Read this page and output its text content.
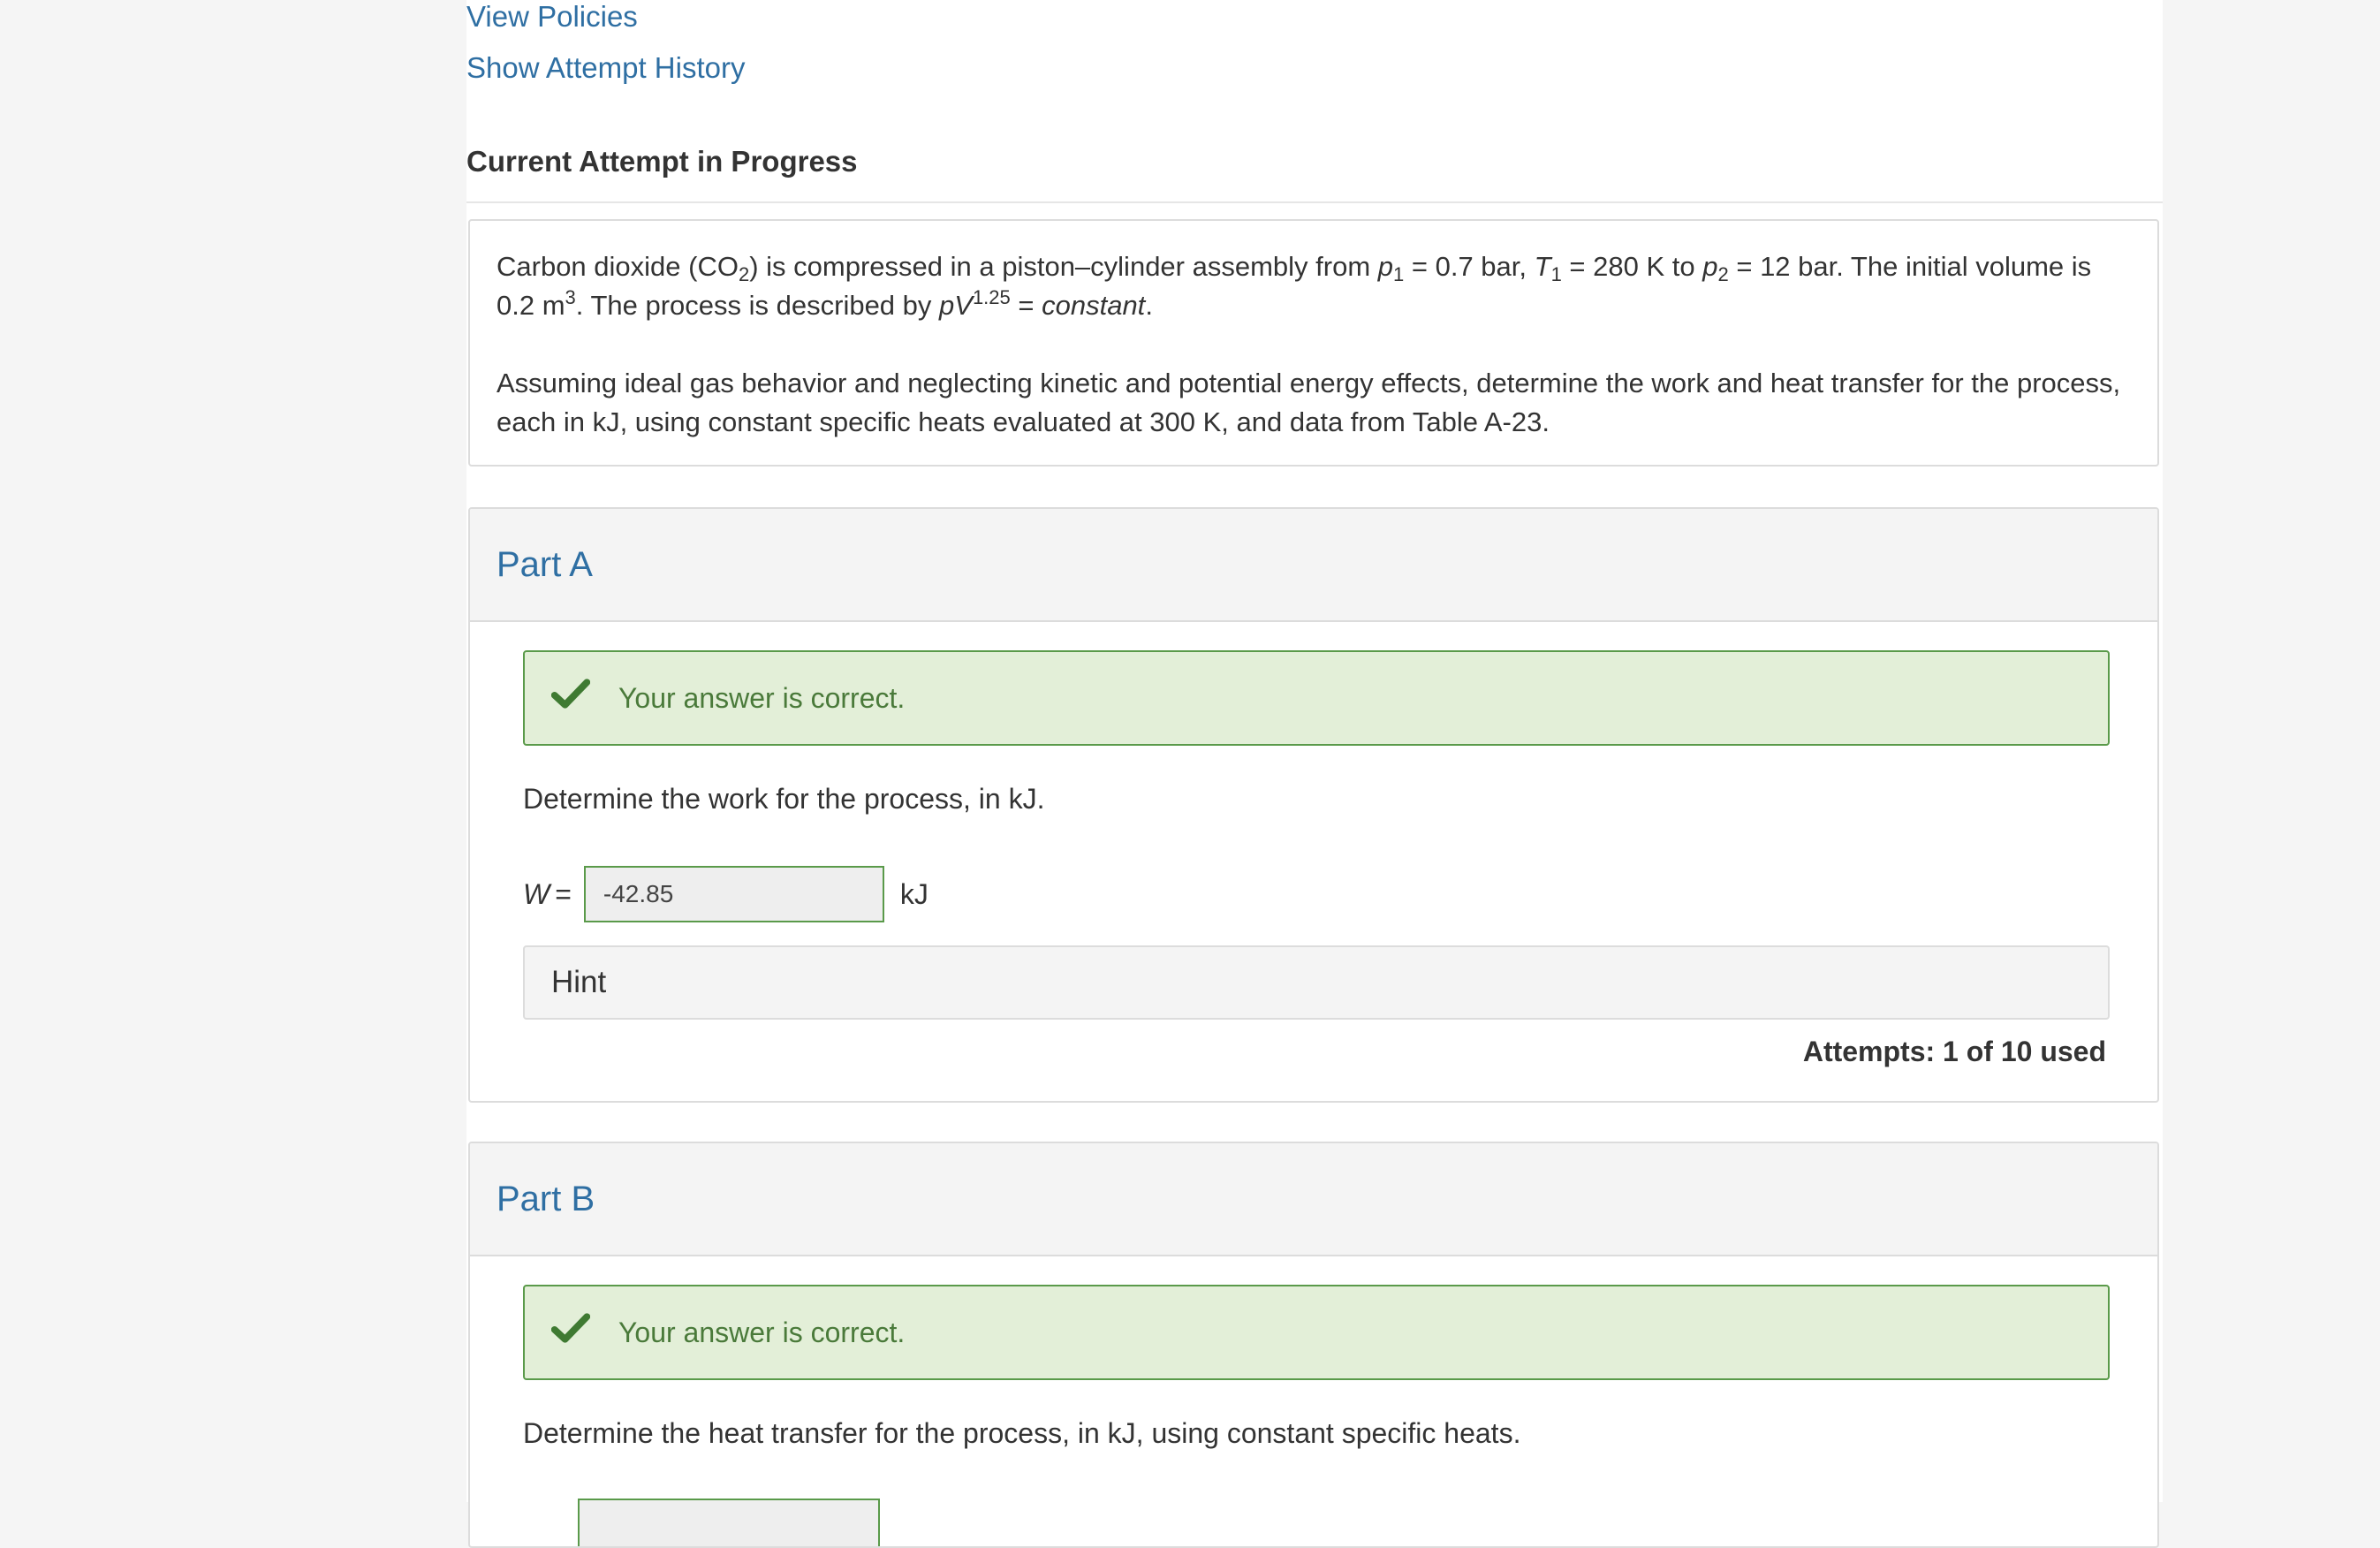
View Policies
Show Attempt History
Current Attempt in Progress

Carbon dioxide $(CO_2)$ is compressed in a piston–cylinder assembly from $p_1 = 0.7$ bar, $T_1 = 280$ K to $p_2 = 12$ bar. The initial volume is 0.2 $m^3$. The process is described by $pV^{1.25}$ = constant.

Assuming ideal gas behavior and neglecting kinetic and potential energy effects, determine the work and heat transfer for the process, each in kJ, using constant specific heats evaluated at 300 K, and data from Table A-23.

Part A
Your answer is correct.
Determine the work for the process, in kJ.
W =
-42.85	kJ
Hint
Attempts: 1 of 10 used
Part B
Your answer is correct.
Determine the heat transfer for the process, in kJ, using constant specific heats.
